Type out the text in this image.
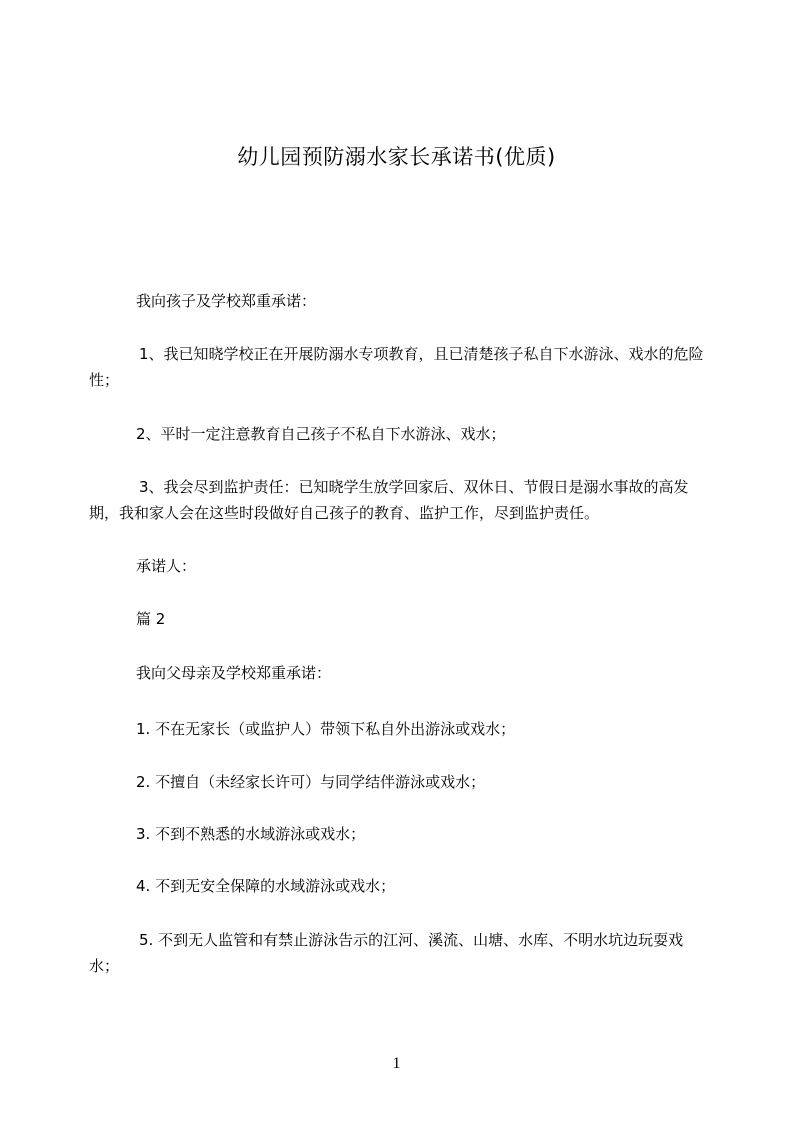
幼儿园预防溺水家长承诺书(优质)

我向孩子及学校郑重承诺：

1、我已知晓学校正在开展防溺水专项教育，且已清楚孩子私自下水游泳、戏水的危险性；

2、平时一定注意教育自己孩子不私自下水游泳、戏水；

3、我会尽到监护责任：已知晓学生放学回家后、双休日、节假日是溺水事故的高发期，我和家人会在这些时段做好自己孩子的教育、监护工作，尽到监护责任。

承诺人：

篇 2

我向父母亲及学校郑重承诺：

1. 不在无家长（或监护人）带领下私自外出游泳或戏水；

2. 不擅自（未经家长许可）与同学结伴游泳或戏水；

3. 不到不熟悉的水域游泳或戏水；

4. 不到无安全保障的水域游泳或戏水；

5. 不到无人监管和有禁止游泳告示的江河、溪流、山塘、水库、不明水坑边玩耍戏水；

1
